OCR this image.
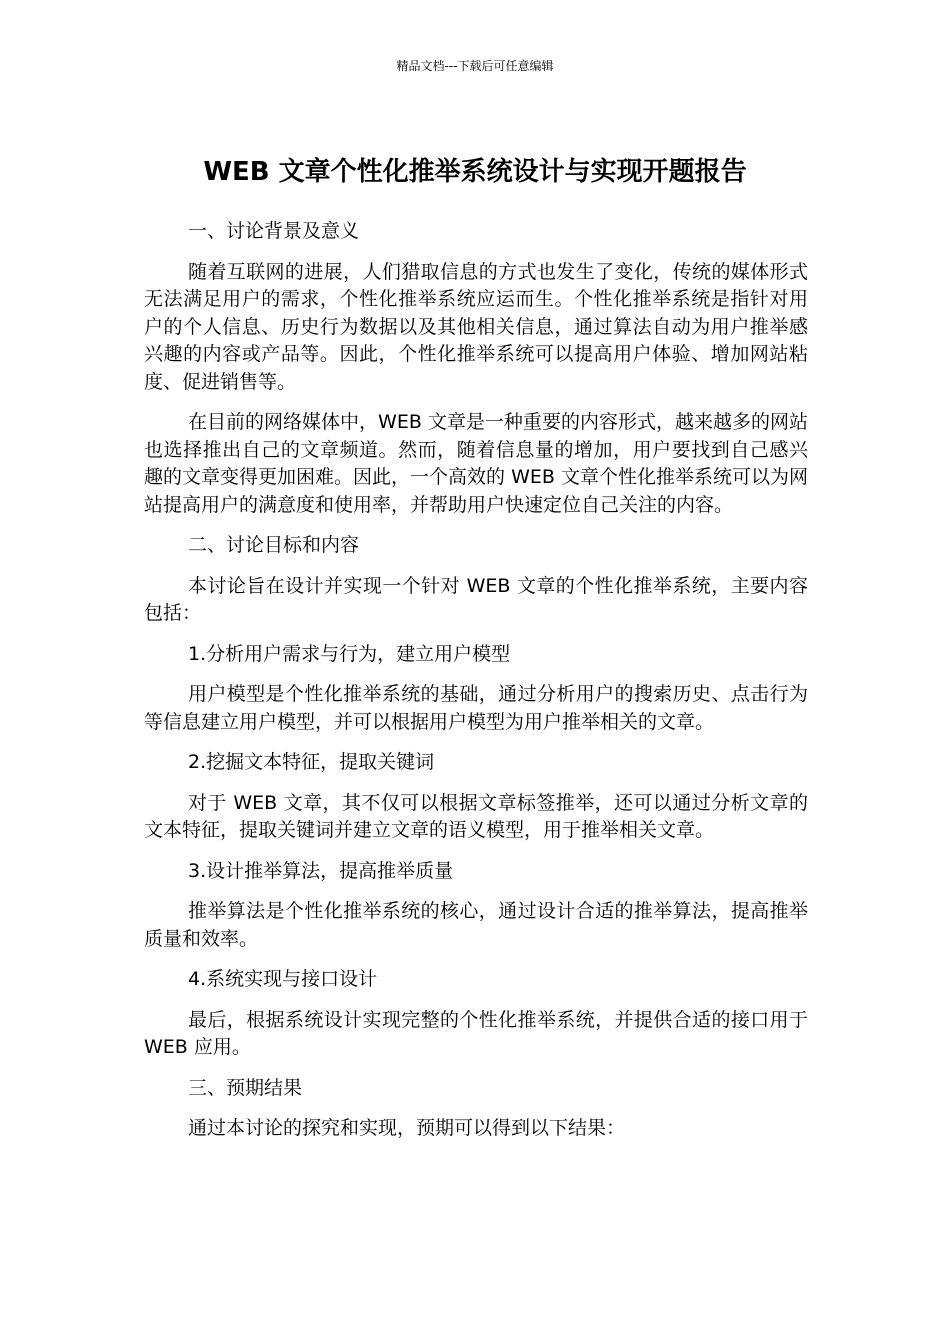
精品文档---下载后可任意编辑
WEB 文章个性化推举系统设计与实现开题报告

一、讨论背景及意义

随着互联网的进展，人们猎取信息的方式也发生了变化，传统的媒体形式无法满足用户的需求，个性化推举系统应运而生。个性化推举系统是指针对用户的个人信息、历史行为数据以及其他相关信息，通过算法自动为用户推举感兴趣的内容或产品等。因此，个性化推举系统可以提高用户体验、增加网站粘度、促进销售等。

在目前的网络媒体中，WEB 文章是一种重要的内容形式，越来越多的网站也选择推出自己的文章频道。然而，随着信息量的增加，用户要找到自己感兴趣的文章变得更加困难。因此，一个高效的 WEB 文章个性化推举系统可以为网站提高用户的满意度和使用率，并帮助用户快速定位自己关注的内容。

二、讨论目标和内容

本讨论旨在设计并实现一个针对 WEB 文章的个性化推举系统，主要内容包括：

1.分析用户需求与行为，建立用户模型

用户模型是个性化推举系统的基础，通过分析用户的搜索历史、点击行为等信息建立用户模型，并可以根据用户模型为用户推举相关的文章。

2.挖掘文本特征，提取关键词

对于 WEB 文章，其不仅可以根据文章标签推举，还可以通过分析文章的文本特征，提取关键词并建立文章的语义模型，用于推举相关文章。

3.设计推举算法，提高推举质量

推举算法是个性化推举系统的核心，通过设计合适的推举算法，提高推举质量和效率。

4.系统实现与接口设计

最后，根据系统设计实现完整的个性化推举系统，并提供合适的接口用于 WEB 应用。

三、预期结果

通过本讨论的探究和实现，预期可以得到以下结果：
